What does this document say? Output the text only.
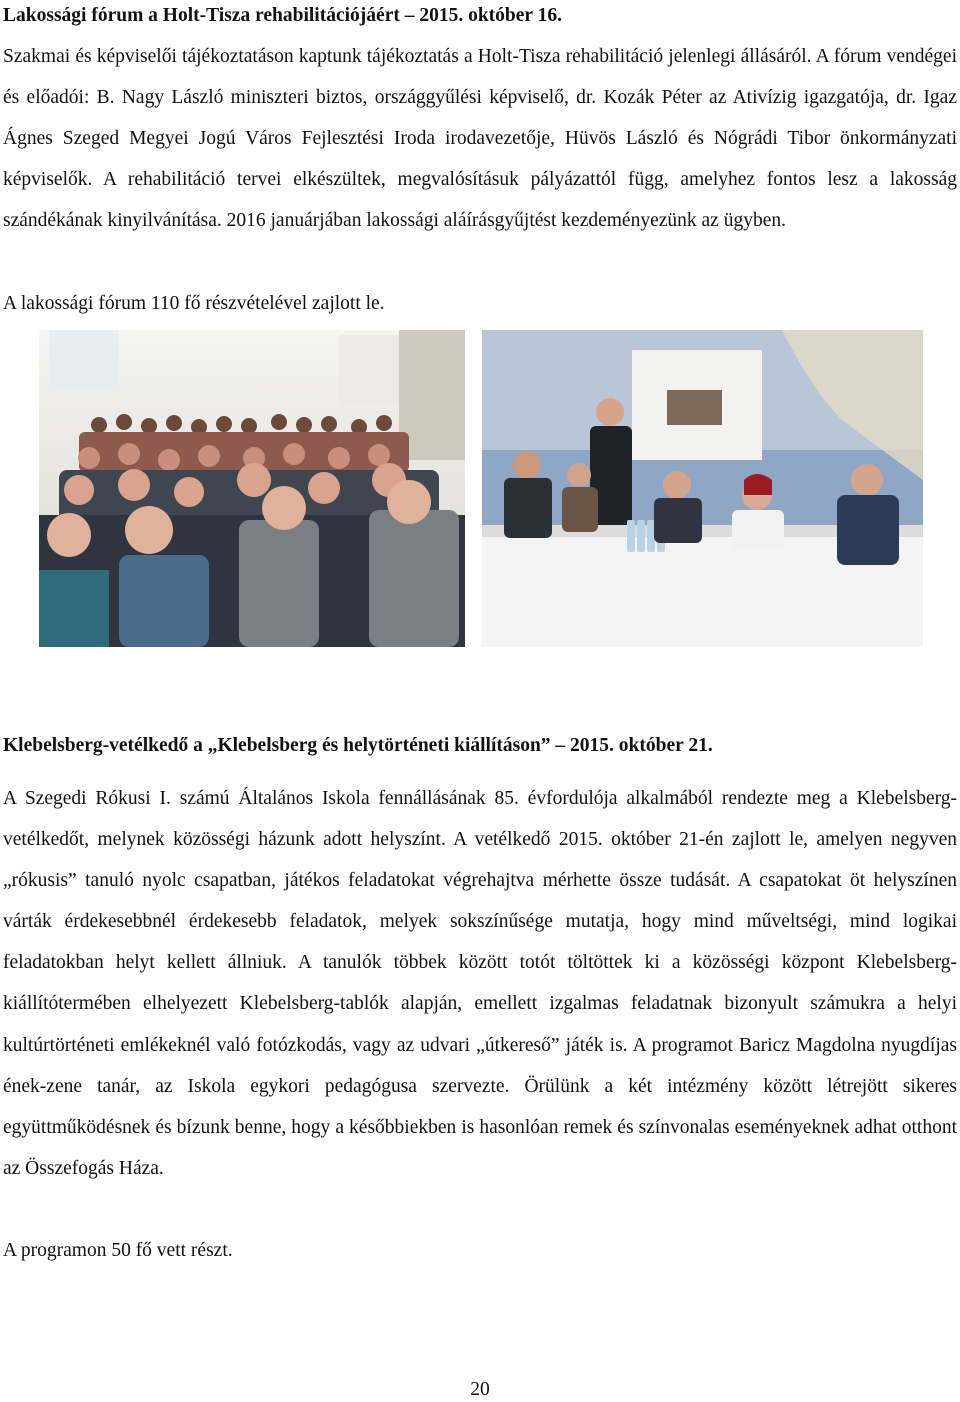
Lakossági fórum a Holt-Tisza rehabilitációjáért – 2015. október 16.

Szakmai és képviselői tájékoztatáson kaptunk tájékoztatás a Holt-Tisza rehabilitáció jelenlegi állásáról. A fórum vendégei és előadói: B. Nagy László miniszteri biztos, országgyűlési képviselő, dr. Kozák Péter az Ativízig igazgatója, dr. Igaz Ágnes Szeged Megyei Jogú Város Fejlesztési Iroda irodavezetője, Hüvös László és Nógrádi Tibor önkormányzati képviselők. A rehabilitáció tervei elkészültek, megvalósításuk pályázattól függ, amelyhez fontos lesz a lakosság szándékának kinyilvánítása. 2016 januárjában lakossági aláírásgyűjtést kezdeményezünk az ügyben.

A lakossági fórum 110 fő részvételével zajlott le.

Klebelsberg-vetélkedő a „Klebelsberg és helytörténeti kiállításon” – 2015. október 21.

A Szegedi Rókusi I. számú Általános Iskola fennállásának 85. évfordulója alkalmából rendezte meg a Klebelsberg-vetélkedőt, melynek közösségi házunk adott helyszínt. A vetélkedő 2015. október 21-én zajlott le, amelyen negyven „rókusis” tanuló nyolc csapatban, játékos feladatokat végrehajtva mérhette össze tudását. A csapatokat öt helyszínen várták érdekesebbnél érdekesebb feladatok, melyek sokszínűsége mutatja, hogy mind műveltségi, mind logikai feladatokban helyt kellett állniuk. A tanulók többek között totót töltöttek ki a közösségi központ Klebelsberg-kiállítótermében elhelyezett Klebelsberg-tablók alapján, emellett izgalmas feladatnak bizonyult számukra a helyi kultúrtörténeti emlékeknél való fotózkodás, vagy az udvari „útkereső” játék is. A programot Baricz Magdolna nyugdíjas ének-zene tanár, az Iskola egykori pedagógusa szervezte. Örülünk a két intézmény között létrejött sikeres együttműködésnek és bízunk benne, hogy a későbbiekben is hasonlóan remek és színvonalas eseményeknek adhat otthont az Összefogás Háza.

A programon 50 fő vett részt.

20
